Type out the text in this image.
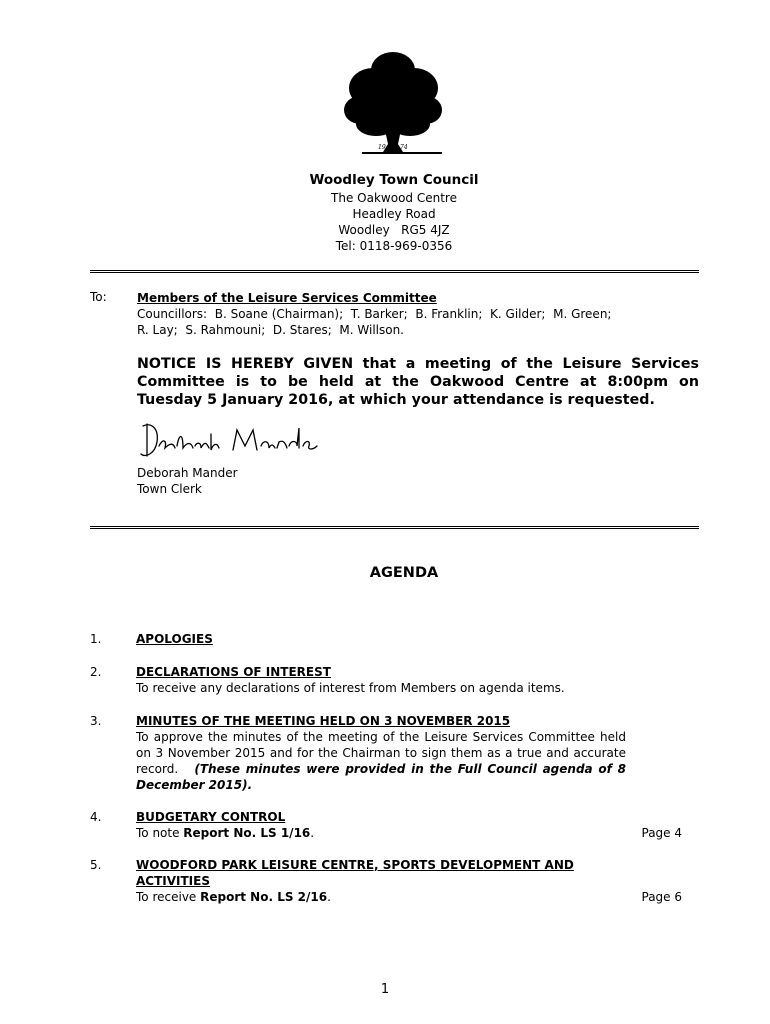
19 74
Woodley Town Council
The Oakwood Centre
Headley Road
Woodley   RG5 4JZ
Tel: 0118-969-0356
To:	Members of the Leisure Services Committee
Councillors:  B. Soane (Chairman);  T. Barker;  B. Franklin;  K. Gilder;  M. Green;
R. Lay;  S. Rahmouni;  D. Stares;  M. Willson.
NOTICE IS HEREBY GIVEN that a meeting of the Leisure Services Committee is to be held at the Oakwood Centre at 8:00pm on Tuesday 5 January 2016, at which your attendance is requested.
Deborah Mander
Town Clerk
AGENDA
1.	APOLOGIES
2.	DECLARATIONS OF INTEREST
To receive any declarations of interest from Members on agenda items.
3.	MINUTES OF THE MEETING HELD ON 3 NOVEMBER 2015
To approve the minutes of the meeting of the Leisure Services Committee held on 3 November 2015 and for the Chairman to sign them as a true and accurate record. (These minutes were provided in the Full Council agenda of 8 December 2015).
4.	BUDGETARY CONTROL
To note Report No. LS 1/16.	Page 4
5.	WOODFORD PARK LEISURE CENTRE, SPORTS DEVELOPMENT AND
ACTIVITIES
To receive Report No. LS 2/16.	Page 6
1
